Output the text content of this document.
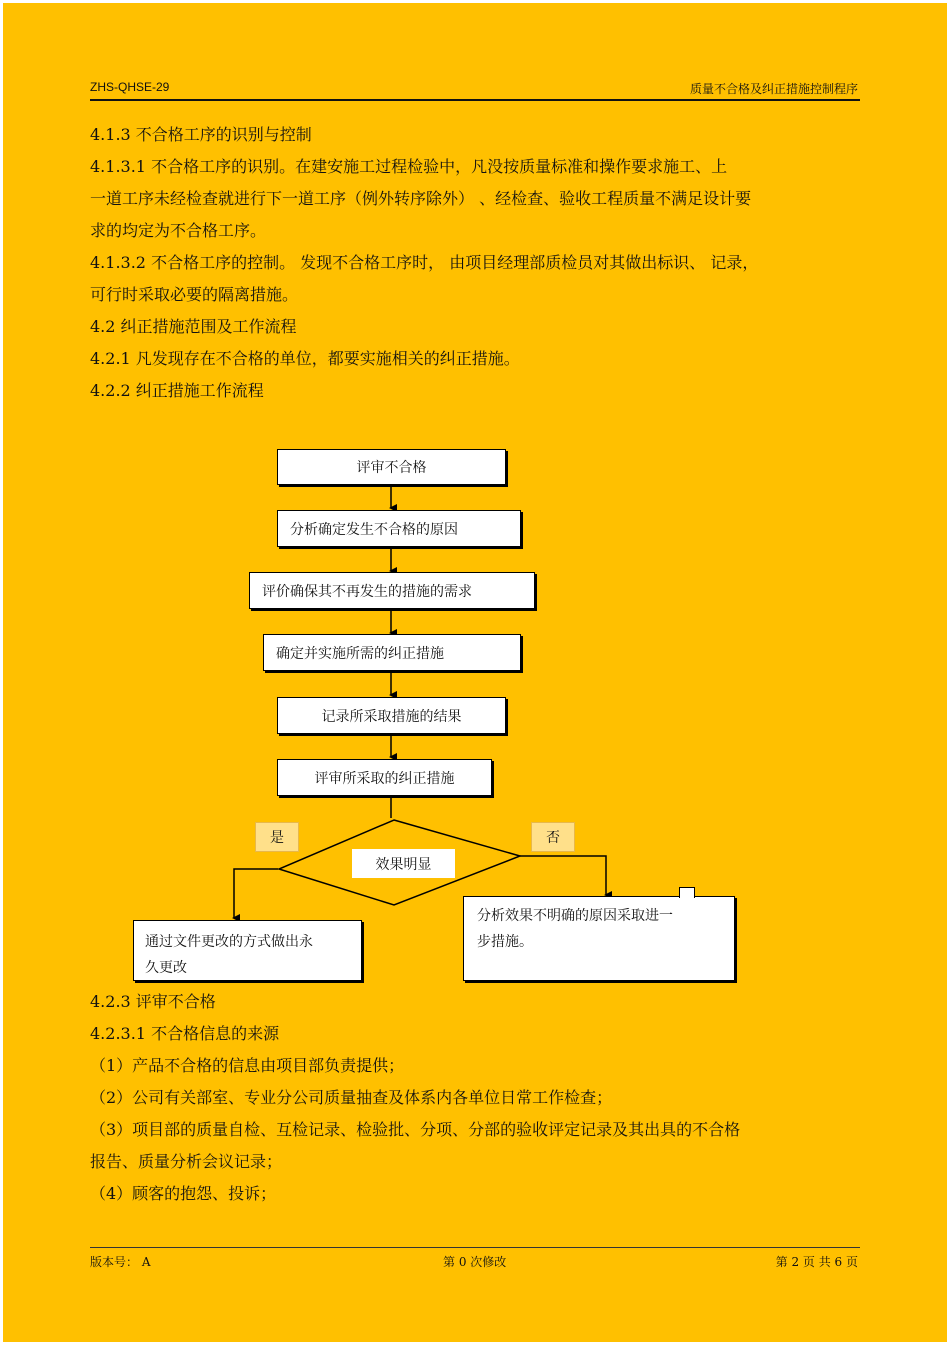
ZHS-QHSE-29	质量不合格及纠正措施控制程序
4.1.3 不合格工序的识别与控制
4.1.3.1 不合格工序的识别。在建安施工过程检验中，凡没按质量标准和操作要求施工、上
一道工序未经检查就进行下一道工序（例外转序除外） 、经检查、验收工程质量不满足设计要
求的均定为不合格工序。
4.1.3.2 不合格工序的控制。 发现不合格工序时， 由项目经理部质检员对其做出标识、 记录，
可行时采取必要的隔离措施。
4.2 纠正措施范围及工作流程
4.2.1 凡发现存在不合格的单位，都要实施相关的纠正措施。
4.2.2 纠正措施工作流程
评审不合格
分析确定发生不合格的原因
评价确保其不再发生的措施的需求
确定并实施所需的纠正措施
记录所采取措施的结果
评审所采取的纠正措施
效果明显
是	否
通过文件更改的方式做出永
久更改
分析效果不明确的原因采取进一
步措施。
4.2.3 评审不合格
4.2.3.1 不合格信息的来源
（1）产品不合格的信息由项目部负责提供；
（2）公司有关部室、专业分公司质量抽查及体系内各单位日常工作检查；
（3）项目部的质量自检、互检记录、检验批、分项、分部的验收评定记录及其出具的不合格
报告、质量分析会议记录；
（4）顾客的抱怨、投诉；
版本号： A	第 0 次修改	第 2 页 共 6 页
